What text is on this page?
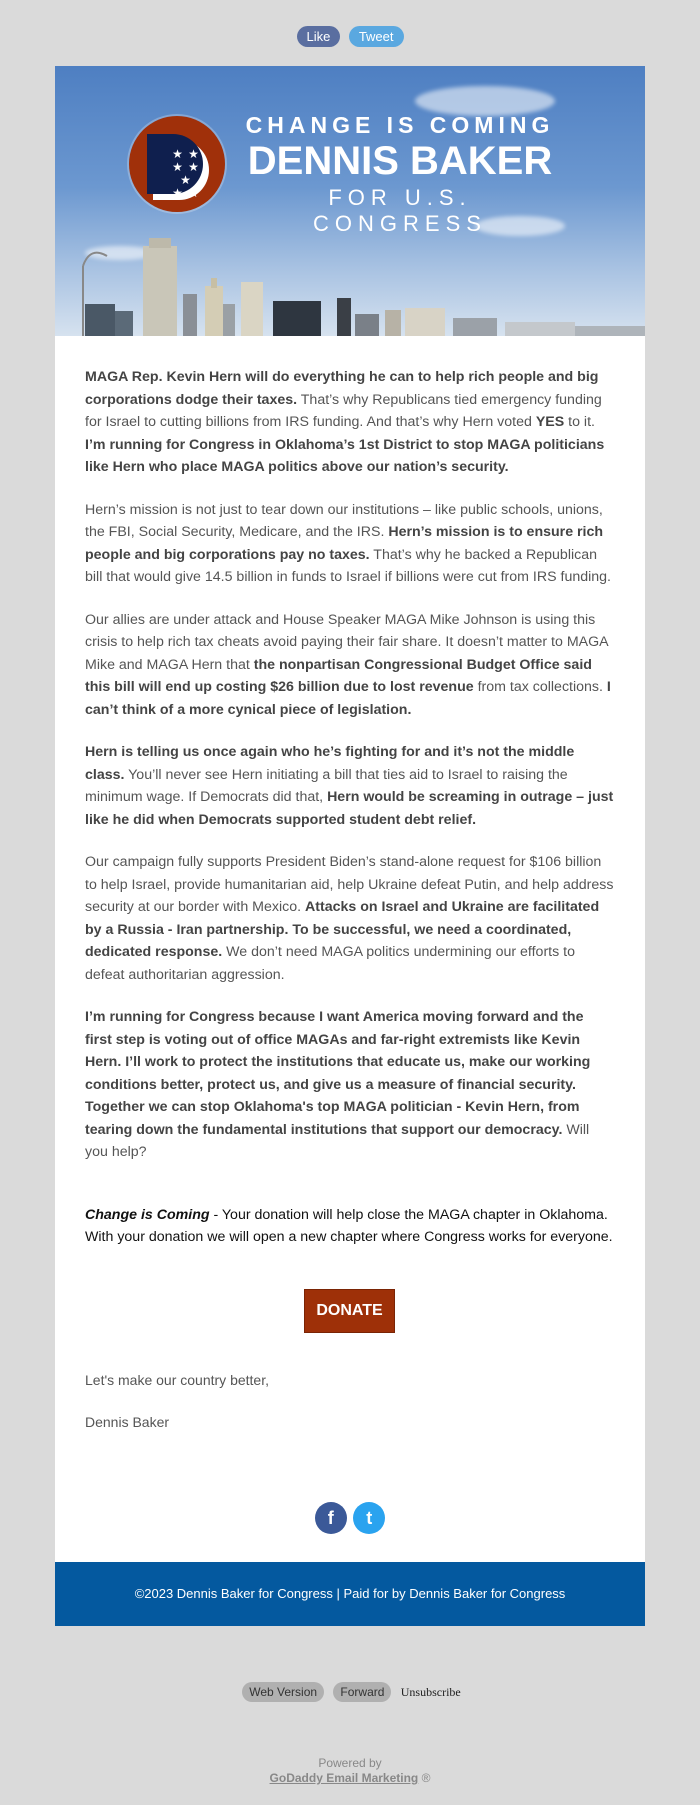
Like Tweet
★ ★
★ ★ ★
★ ★
CHANGE IS COMING
DENNIS BAKER
FOR U.S. CONGRESS

MAGA Rep. Kevin Hern will do everything he can to help rich people and big corporations dodge their taxes. That’s why Republicans tied emergency funding for Israel to cutting billions from IRS funding. And that’s why Hern voted YES to it. I’m running for Congress in Oklahoma’s 1st District to stop MAGA politicians like Hern who place MAGA politics above our nation’s security.

Hern’s mission is not just to tear down our institutions – like public schools, unions, the FBI, Social Security, Medicare, and the IRS. Hern’s mission is to ensure rich people and big corporations pay no taxes. That’s why he backed a Republican bill that would give 14.5 billion in funds to Israel if billions were cut from IRS funding.

Our allies are under attack and House Speaker MAGA Mike Johnson is using this crisis to help rich tax cheats avoid paying their fair share. It doesn’t matter to MAGA Mike and MAGA Hern that the nonpartisan Congressional Budget Office said this bill will end up costing $26 billion due to lost revenue from tax collections. I can’t think of a more cynical piece of legislation.

Hern is telling us once again who he’s fighting for and it’s not the middle class. You’ll never see Hern initiating a bill that ties aid to Israel to raising the minimum wage. If Democrats did that, Hern would be screaming in outrage – just like he did when Democrats supported student debt relief.

Our campaign fully supports President Biden’s stand-alone request for $106 billion to help Israel, provide humanitarian aid, help Ukraine defeat Putin, and help address security at our border with Mexico. Attacks on Israel and Ukraine are facilitated by a Russia - Iran partnership. To be successful, we need a coordinated, dedicated response. We don’t need MAGA politics undermining our efforts to defeat authoritarian aggression.

I’m running for Congress because I want America moving forward and the first step is voting out of office MAGAs and far-right extremists like Kevin Hern. I’ll work to protect the institutions that educate us, make our working conditions better, protect us, and give us a measure of financial security. Together we can stop Oklahoma's top MAGA politician - Kevin Hern, from tearing down the fundamental institutions that support our democracy. Will you help?

Change is Coming - Your donation will help close the MAGA chapter in Oklahoma. With your donation we will open a new chapter where Congress works for everyone.

DONATE

Let's make our country better,

Dennis Baker

f t
©2023 Dennis Baker for Congress | Paid for by Dennis Baker for Congress
Web Version Forward Unsubscribe
Powered by
GoDaddy Email Marketing ®
